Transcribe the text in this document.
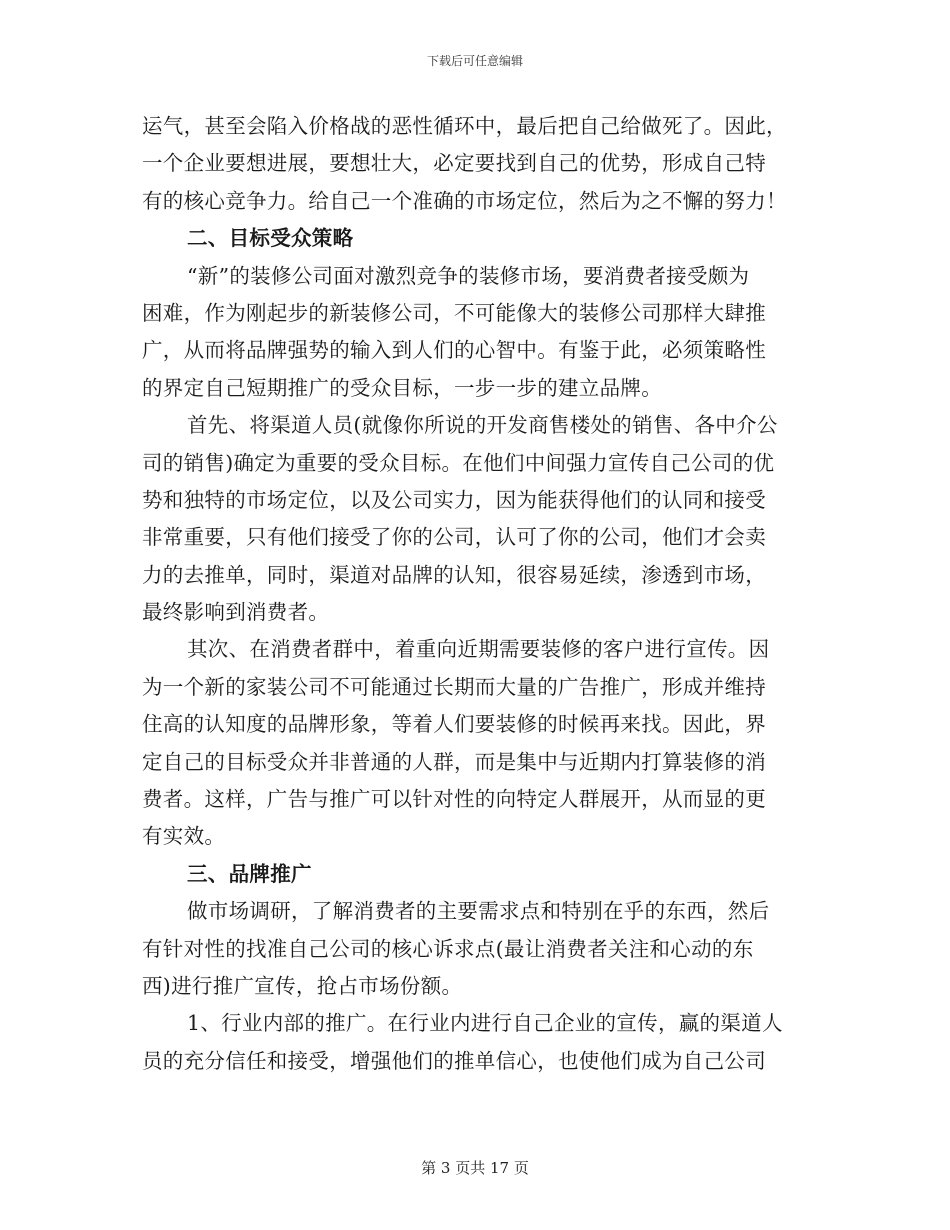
下载后可任意编辑
运气，甚至会陷入价格战的恶性循环中，最后把自己给做死了。因此，
一个企业要想进展，要想壮大，必定要找到自己的优势，形成自己特
有的核心竞争力。给自己一个准确的市场定位，然后为之不懈的努力！
二、目标受众策略
“新”的装修公司面对激烈竞争的装修市场，要消费者接受颇为
困难，作为刚起步的新装修公司，不可能像大的装修公司那样大肆推
广，从而将品牌强势的输入到人们的心智中。有鉴于此，必须策略性
的界定自己短期推广的受众目标，一步一步的建立品牌。
首先、将渠道人员(就像你所说的开发商售楼处的销售、各中介公
司的销售)确定为重要的受众目标。在他们中间强力宣传自己公司的优
势和独特的市场定位，以及公司实力，因为能获得他们的认同和接受
非常重要，只有他们接受了你的公司，认可了你的公司，他们才会卖
力的去推单，同时，渠道对品牌的认知，很容易延续，渗透到市场，
最终影响到消费者。
其次、在消费者群中，着重向近期需要装修的客户进行宣传。因
为一个新的家装公司不可能通过长期而大量的广告推广，形成并维持
住高的认知度的品牌形象，等着人们要装修的时候再来找。因此，界
定自己的目标受众并非普通的人群，而是集中与近期内打算装修的消
费者。这样，广告与推广可以针对性的向特定人群展开，从而显的更
有实效。
三、品牌推广
做市场调研，了解消费者的主要需求点和特别在乎的东西，然后
有针对性的找准自己公司的核心诉求点(最让消费者关注和心动的东
西)进行推广宣传，抢占市场份额。
1、行业内部的推广。在行业内进行自己企业的宣传，赢的渠道人
员的充分信任和接受，增强他们的推单信心，也使他们成为自己公司
第 3 页共 17 页
